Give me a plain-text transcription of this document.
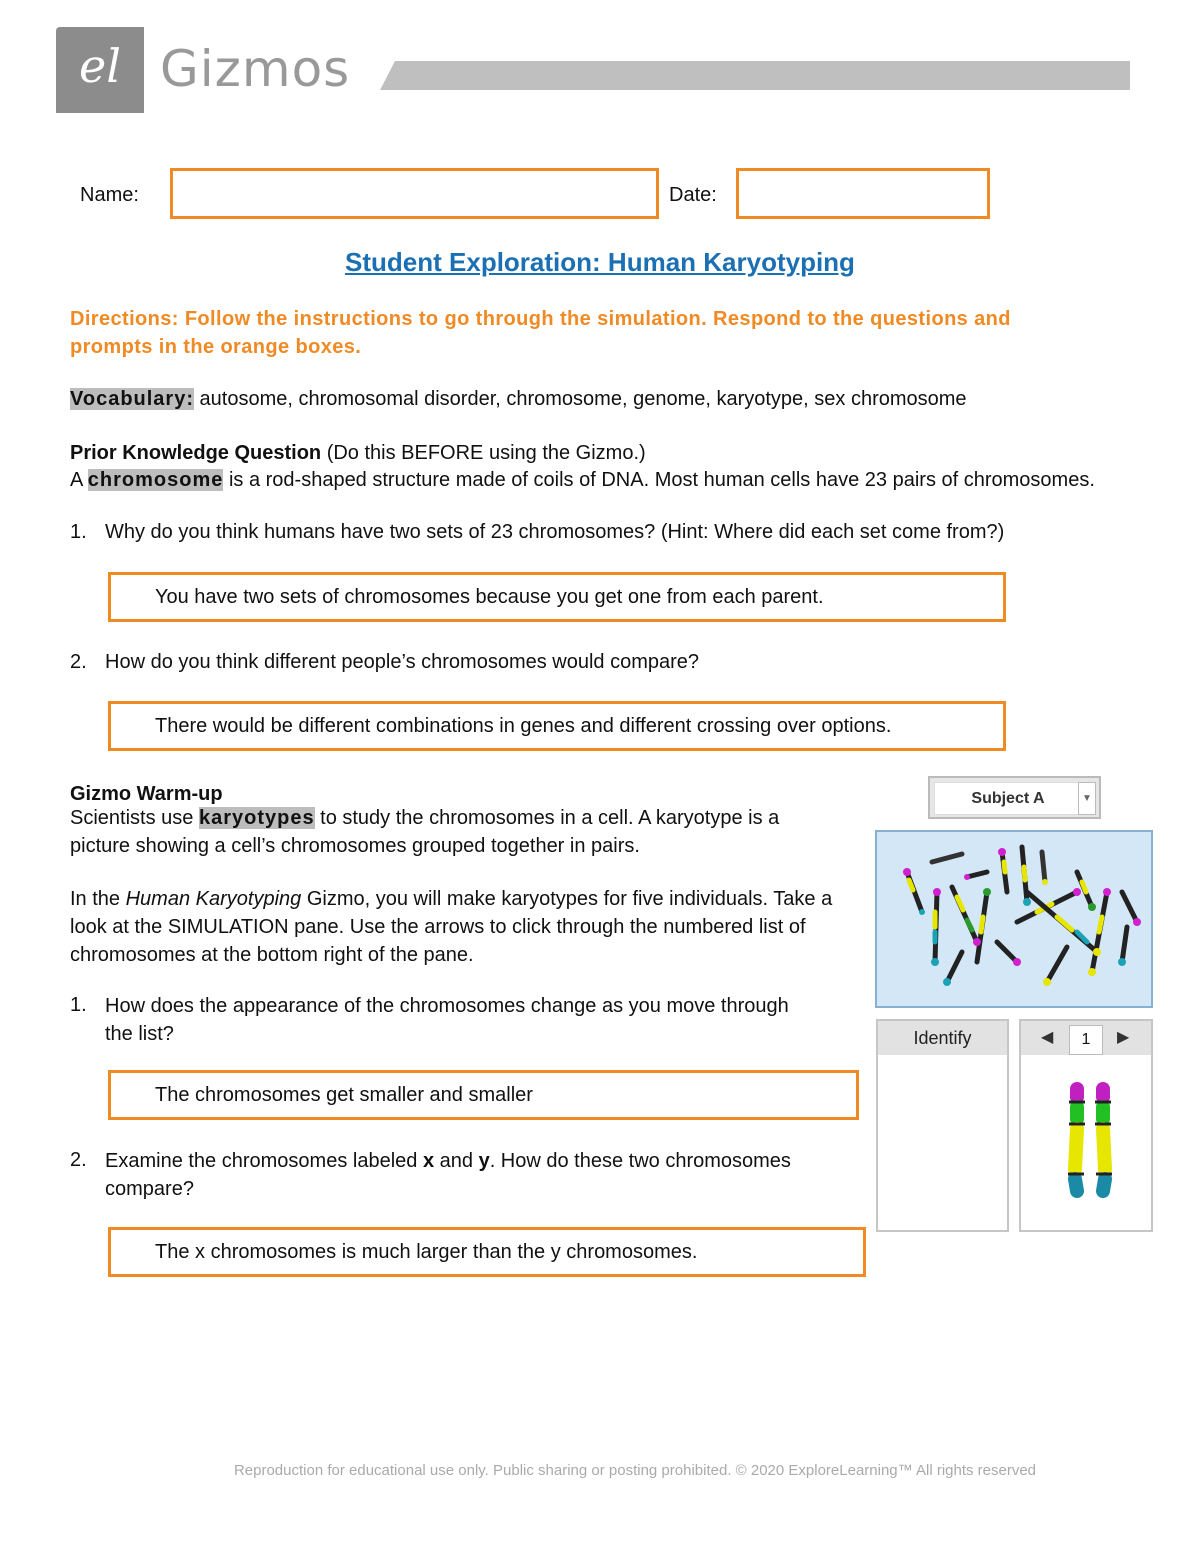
el Gizmos
Name:	Date:
Student Exploration: Human Karyotyping
Directions: Follow the instructions to go through the simulation. Respond to the questions and prompts in the orange boxes.
Vocabulary: autosome, chromosomal disorder, chromosome, genome, karyotype, sex chromosome
Prior Knowledge Question (Do this BEFORE using the Gizmo.)
A chromosome is a rod-shaped structure made of coils of DNA. Most human cells have 23 pairs of chromosomes.
1. Why do you think humans have two sets of 23 chromosomes? (Hint: Where did each set come from?)
You have two sets of chromosomes because you get one from each parent.
2. How do you think different people’s chromosomes would compare?
There would be different combinations in genes and different crossing over options.
Gizmo Warm-up
Scientists use karyotypes to study the chromosomes in a cell. A karyotype is a picture showing a cell’s chromosomes grouped together in pairs.
In the Human Karyotyping Gizmo, you will make karyotypes for five individuals. Take a look at the SIMULATION pane. Use the arrows to click through the numbered list of chromosomes at the bottom right of the pane.
1. How does the appearance of the chromosomes change as you move through the list?
The chromosomes get smaller and smaller
2. Examine the chromosomes labeled x and y. How do these two chromosomes compare?
The x chromosomes is much larger than the y chromosomes.
Subject A	▼
Identify	◀	1	▶
Reproduction for educational use only. Public sharing or posting prohibited. © 2020 ExploreLearning™ All rights reserved
